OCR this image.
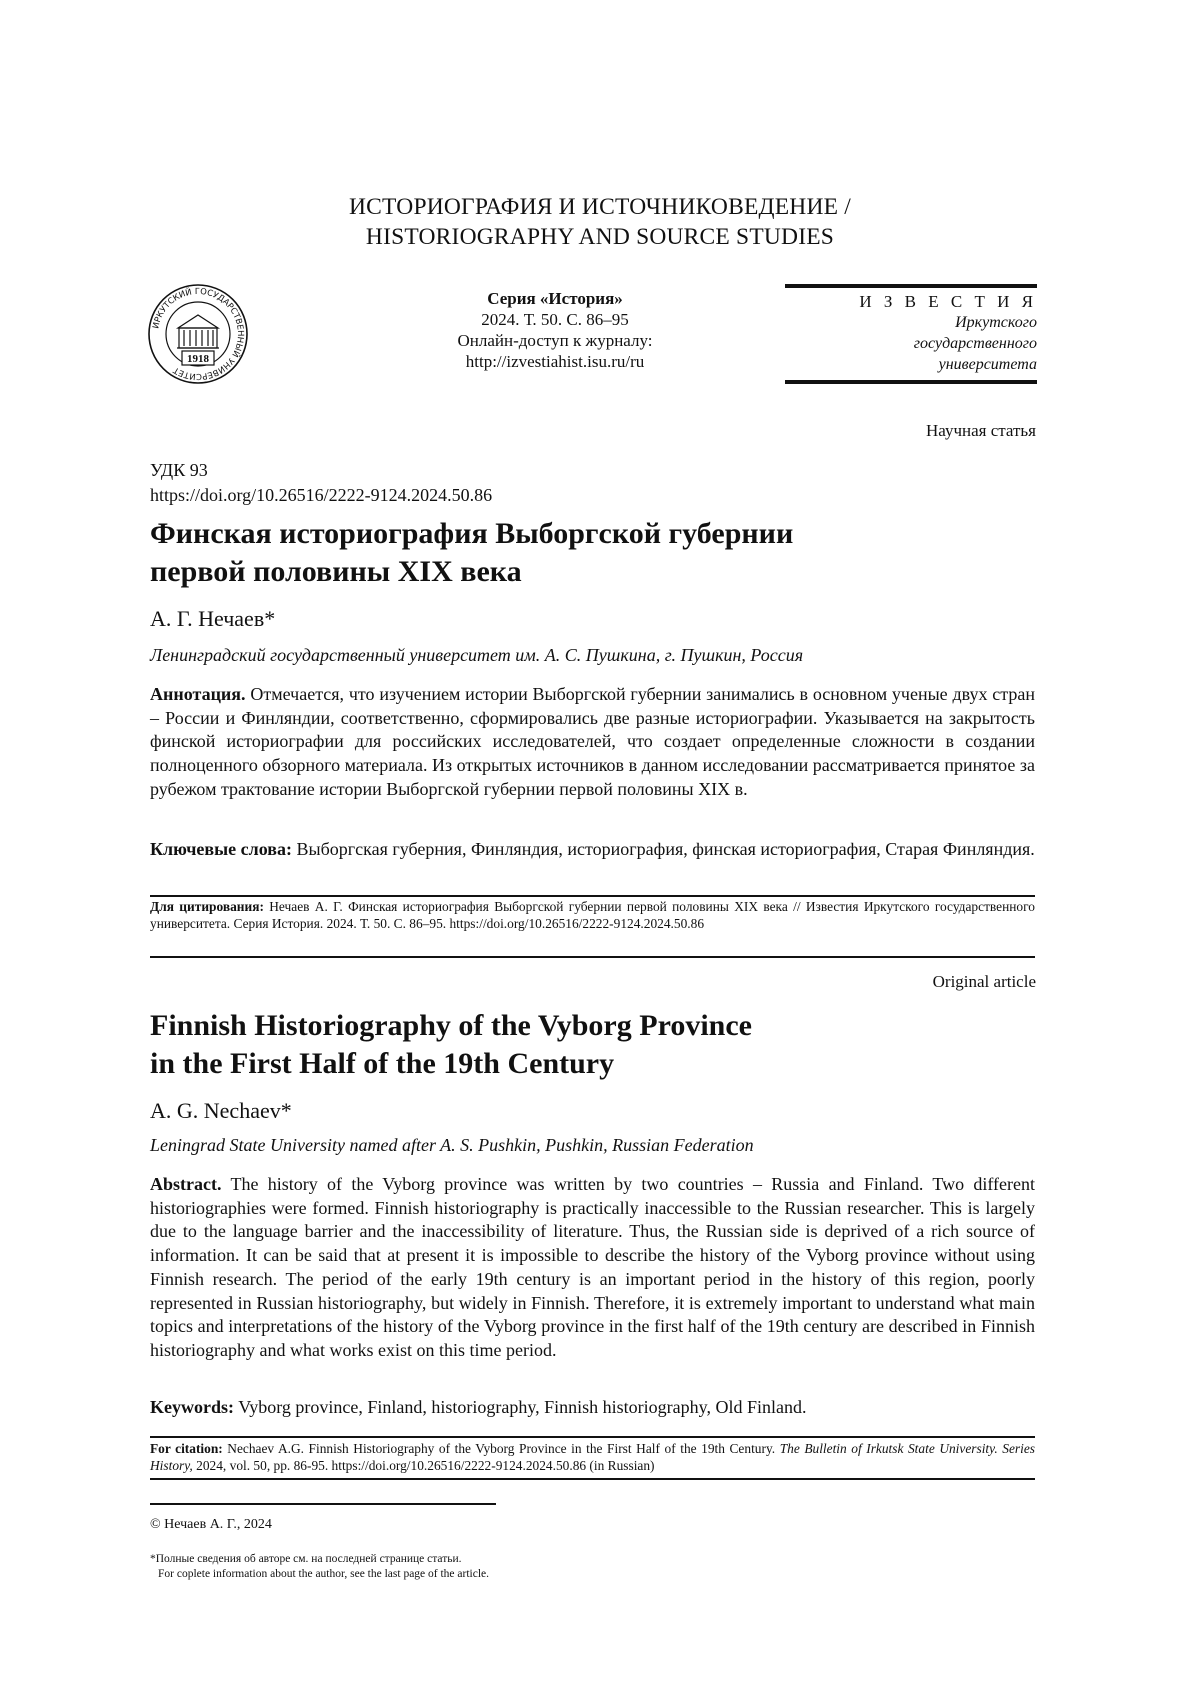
ИСТОРИОГРАФИЯ И ИСТОЧНИКОВЕДЕНИЕ /
HISTORIOGRAPHY AND SOURCE STUDIES
ИРКУТСКИЙ ГОСУДАРСТВЕННЫЙ УНИВЕРСИТЕТ
1918
Серия «История»
2024. Т. 50. С. 86–95
Онлайн-доступ к журналу:
http://izvestiahist.isu.ru/ru
И З В Е С Т И Я
Иркутского
государственного
университета
Научная статья
УДК 93
https://doi.org/10.26516/2222-9124.2024.50.86
Финская историография Выборгской губернии
первой половины XIX века
А. Г. Нечаев*
Ленинградский государственный университет им. А. С. Пушкина, г. Пушкин, Россия
Аннотация. Отмечается, что изучением истории Выборгской губернии занимались в основном ученые двух стран – России и Финляндии, соответственно, сформировались две разные историографии. Указывается на закрытость финской историографии для российских исследователей, что создает определенные сложности в создании полноценного обзорного материала. Из открытых источников в данном исследовании рассматривается принятое за рубежом трактование истории Выборгской губернии первой половины XIX в.
Ключевые слова: Выборгская губерния, Финляндия, историография, финская историография, Старая Финляндия.
Для цитирования: Нечаев А. Г. Финская историография Выборгской губернии первой половины XIX века // Известия Иркутского государственного университета. Серия История. 2024. Т. 50. С. 86–95. https://doi.org/10.26516/2222-9124.2024.50.86
Original article
Finnish Historiography of the Vyborg Province
in the First Half of the 19th Century
A. G. Nechaev*
Leningrad State University named after A. S. Pushkin, Pushkin, Russian Federation
Abstract. The history of the Vyborg province was written by two countries – Russia and Finland. Two different historiographies were formed. Finnish historiography is practically inaccessible to the Russian researcher. This is largely due to the language barrier and the inaccessibility of literature. Thus, the Russian side is deprived of a rich source of information. It can be said that at present it is impossible to describe the history of the Vyborg province without using Finnish research. The period of the early 19th century is an important period in the history of this region, poorly represented in Russian historiography, but widely in Finnish. Therefore, it is extremely important to understand what main topics and interpretations of the history of the Vyborg province in the first half of the 19th century are described in Finnish historiography and what works exist on this time period.
Keywords: Vyborg province, Finland, historiography, Finnish historiography, Old Finland.
For citation: Nechaev A.G. Finnish Historiography of the Vyborg Province in the First Half of the 19th Century. The Bulletin of Irkutsk State University. Series History, 2024, vol. 50, pp. 86-95. https://doi.org/10.26516/2222-9124.2024.50.86 (in Russian)
© Нечаев А. Г., 2024
*Полные сведения об авторе см. на последней странице статьи.
For coplete information about the author, see the last page of the article.
